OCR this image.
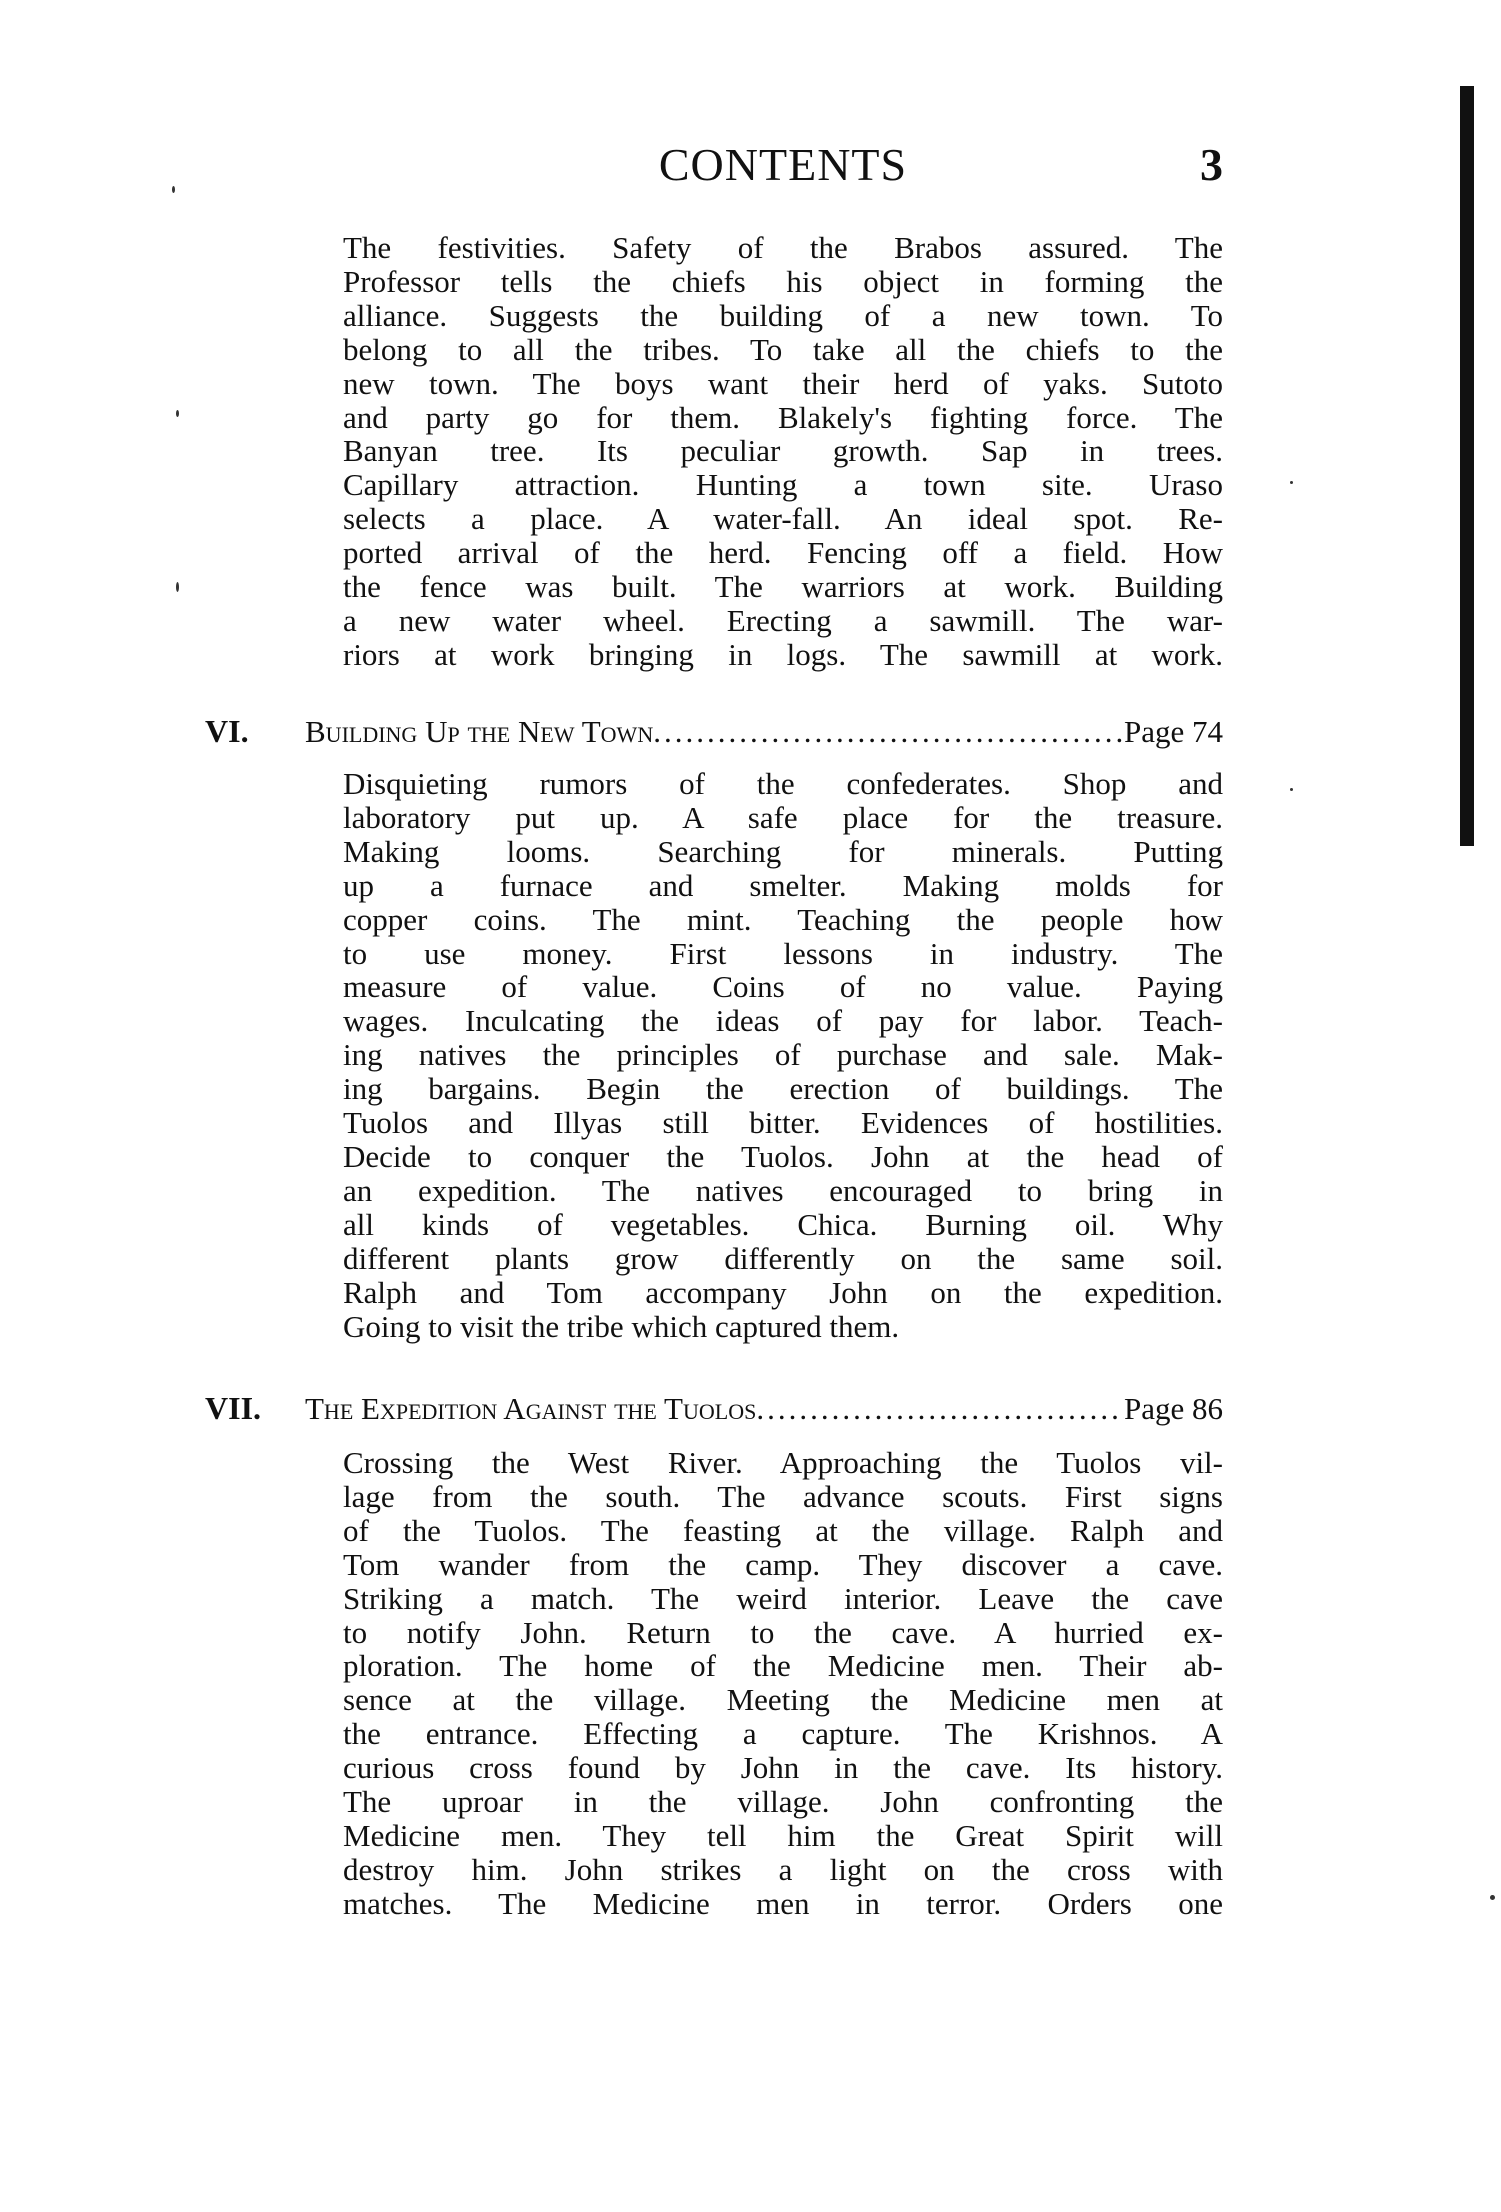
CONTENTS	3
The festivities. Safety of the Brabos assured. The
Professor tells the chiefs his object in forming the
alliance. Suggests the building of a new town. To
belong to all the tribes. To take all the chiefs to the
new town. The boys want their herd of yaks. Sutoto
and party go for them. Blakely's fighting force. The
Banyan tree. Its peculiar growth. Sap in trees.
Capillary attraction. Hunting a town site. Uraso
selects a place. A water-fall. An ideal spot. Re-
ported arrival of the herd. Fencing off a field. How
the fence was built. The warriors at work. Building
a new water wheel. Erecting a sawmill. The war-
riors at work bringing in logs. The sawmill at work.
VI.	Building Up the New Town .....	Page 74
Disquieting rumors of the confederates. Shop and
laboratory put up. A safe place for the treasure.
Making looms. Searching for minerals. Putting
up a furnace and smelter. Making molds for
copper coins. The mint. Teaching the people how
to use money. First lessons in industry. The
measure of value. Coins of no value. Paying
wages. Inculcating the ideas of pay for labor. Teach-
ing natives the principles of purchase and sale. Mak-
ing bargains. Begin the erection of buildings. The
Tuolos and Illyas still bitter. Evidences of hostilities.
Decide to conquer the Tuolos. John at the head of
an expedition. The natives encouraged to bring in
all kinds of vegetables. Chica. Burning oil. Why
different plants grow differently on the same soil.
Ralph and Tom accompany John on the expedition.
Going to visit the tribe which captured them.
VII.	The Expedition Against the Tuolos .....	Page 86
Crossing the West River. Approaching the Tuolos vil-
lage from the south. The advance scouts. First signs
of the Tuolos. The feasting at the village. Ralph and
Tom wander from the camp. They discover a cave.
Striking a match. The weird interior. Leave the cave
to notify John. Return to the cave. A hurried ex-
ploration. The home of the Medicine men. Their ab-
sence at the village. Meeting the Medicine men at
the entrance. Effecting a capture. The Krishnos. A
curious cross found by John in the cave. Its history.
The uproar in the village. John confronting the
Medicine men. They tell him the Great Spirit will
destroy him. John strikes a light on the cross with
matches. The Medicine men in terror. Orders one
